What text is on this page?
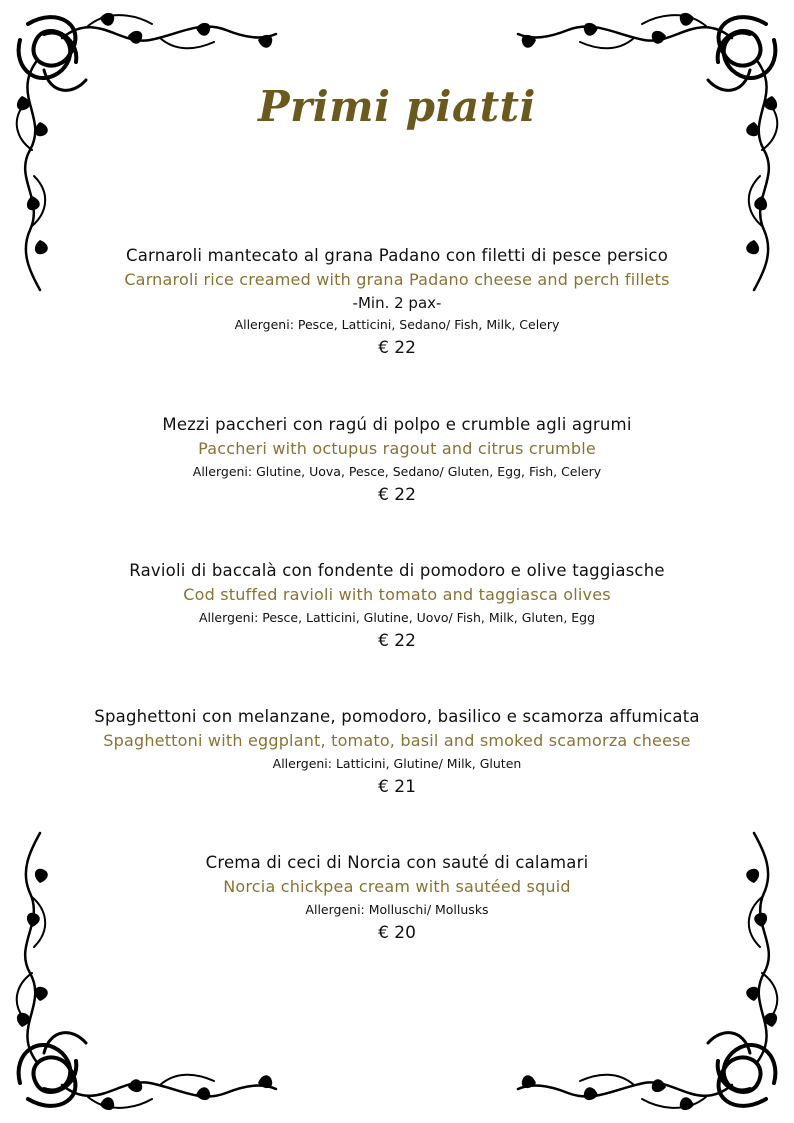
Primi piatti
Carnaroli mantecato al grana Padano con filetti di pesce persico
Carnaroli rice creamed with grana Padano cheese and perch fillets
-Min. 2 pax-
Allergeni: Pesce, Latticini, Sedano/ Fish, Milk, Celery
€ 22
Mezzi paccheri con ragú di polpo e crumble agli agrumi
Paccheri with octupus ragout and citrus crumble
Allergeni: Glutine, Uova, Pesce, Sedano/ Gluten, Egg, Fish, Celery
€ 22
Ravioli di baccalà con fondente di pomodoro e olive taggiasche
Cod stuffed ravioli with tomato and taggiasca olives
Allergeni: Pesce, Latticini, Glutine, Uovo/ Fish, Milk, Gluten, Egg
€ 22
Spaghettoni con melanzane, pomodoro, basilico e scamorza affumicata
Spaghettoni with eggplant, tomato, basil and smoked scamorza cheese
Allergeni: Latticini, Glutine/ Milk, Gluten
€ 21
Crema di ceci di Norcia con sauté di calamari
Norcia chickpea cream with sautéed squid
Allergeni: Molluschi/ Mollusks
€ 20
